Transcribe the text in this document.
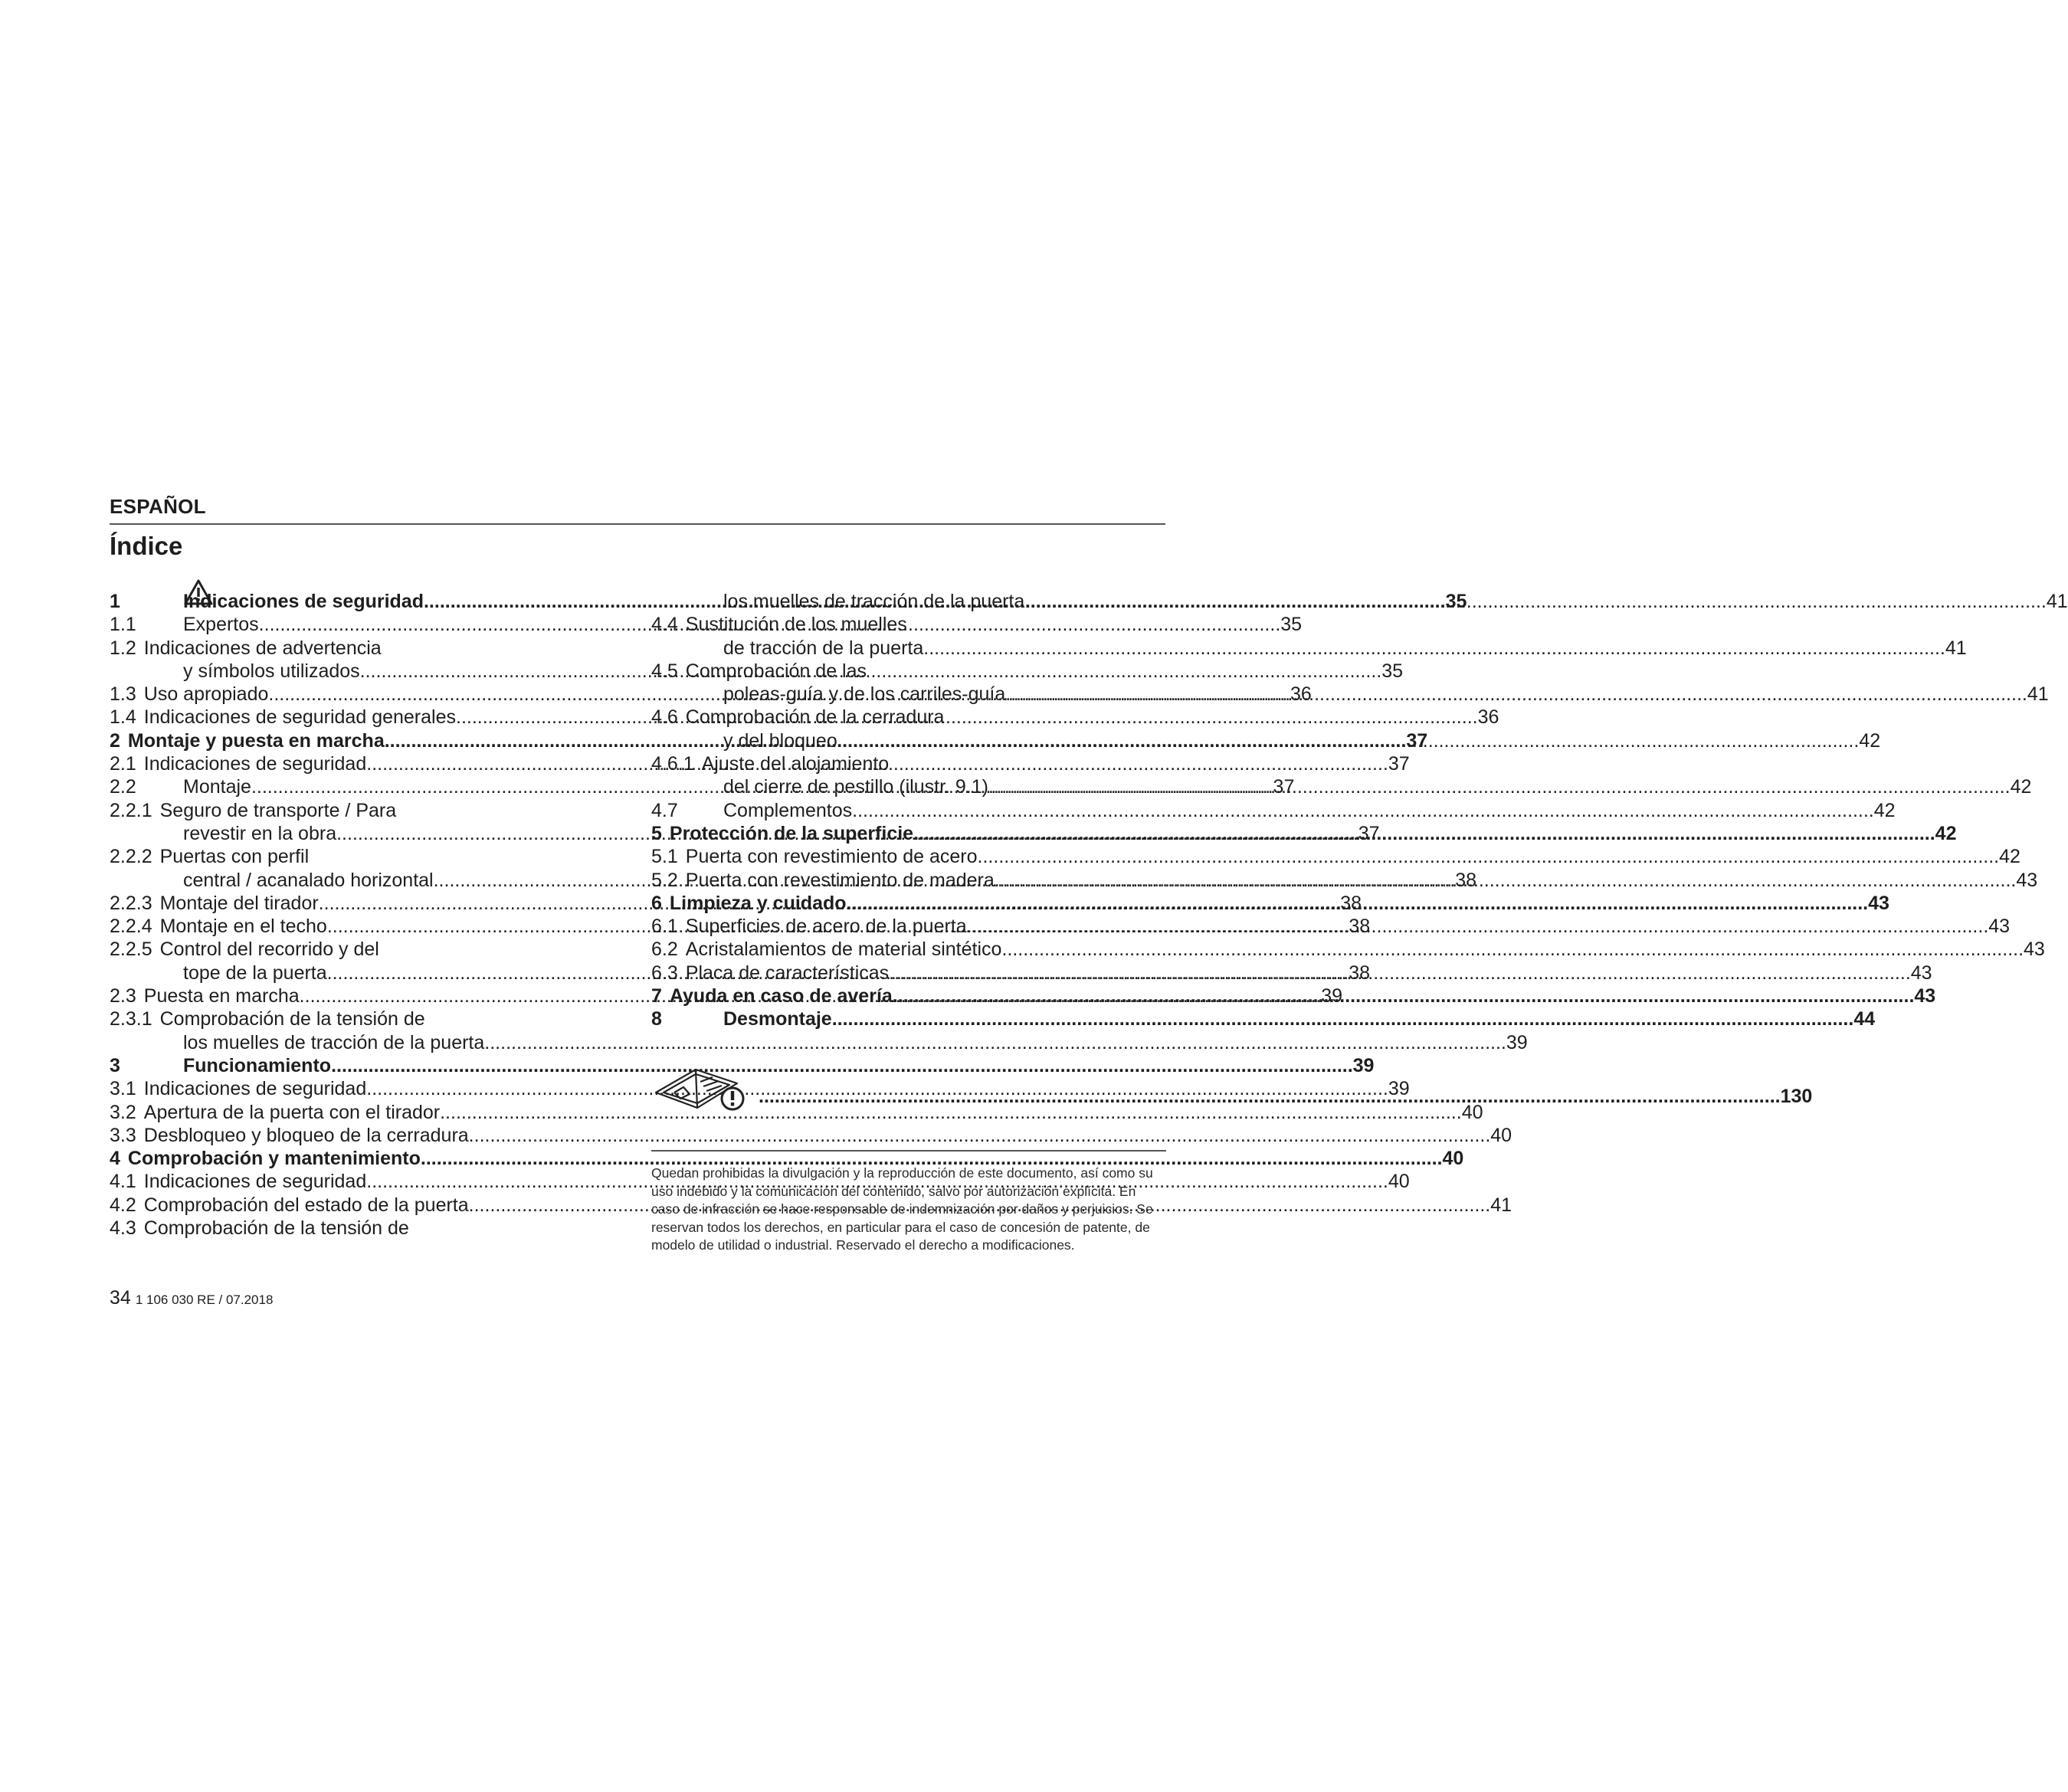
ESPAÑOL
Índice
1	Indicaciones de seguridad .....	35
1.1	Expertos .....	35
1.2 Indicaciones de advertencia
y símbolos utilizados .....	35
1.3 Uso apropiado .....	36
1.4 Indicaciones de seguridad generales .....	36
2 Montaje y puesta en marcha .....	37
2.1 Indicaciones de seguridad .....	37
2.2	Montaje .....	37
2.2.1 Seguro de transporte / Para
revestir en la obra .....	37
2.2.2 Puertas con perfil
central / acanalado horizontal .....	38
2.2.3 Montaje del tirador .....	38
2.2.4 Montaje en el techo .....	38
2.2.5 Control del recorrido y del
tope de la puerta .....	38
2.3 Puesta en marcha .....	39
2.3.1 Comprobación de la tensión de
los muelles de tracción de la puerta .....	39
3	Funcionamiento .....	39
3.1 Indicaciones de seguridad .....	39
3.2 Apertura de la puerta con el tirador .....	40
3.3 Desbloqueo y bloqueo de la cerradura .....	40
4 Comprobación y mantenimiento .....	40
4.1 Indicaciones de seguridad .....	40
4.2 Comprobación del estado de la puerta .....	41
4.3 Comprobación de la tensión de
los muelles de tracción de la puerta .....	41
4.4 Sustitución de los muelles
de tracción de la puerta .....	41
4.5 Comprobación de las
poleas-guía y de los carriles-guía .....	41
4.6 Comprobación de la cerradura
y del bloqueo .....	42
4.6.1 Ajuste del alojamiento
del cierre de pestillo (ilustr. 9.1) .....	42
4.7	Complementos .....	42
5 Protección de la superficie .....	42
5.1 Puerta con revestimiento de acero .....	42
5.2 Puerta con revestimiento de madera .....	43
6 Limpieza y cuidado .....	43
6.1 Superficies de acero de la puerta .....	43
6.2 Acristalamientos de material sintético .....	43
6.3 Placa de características .....	43
7 Ayuda en caso de avería .....	43
8	Desmontaje .....	44
.....
130
Quedan prohibidas la divulgación y la reproducción de este documento, así como su uso indebido y la comunicación del contenido, salvo por autorización explícita. En caso de infracción se hace responsable de indemnización por daños y perjuicios. Se reservan todos los derechos, en particular para el caso de concesión de patente, de modelo de utilidad o industrial. Reservado el derecho a modificaciones.
34 1 106 030 RE / 07.2018
